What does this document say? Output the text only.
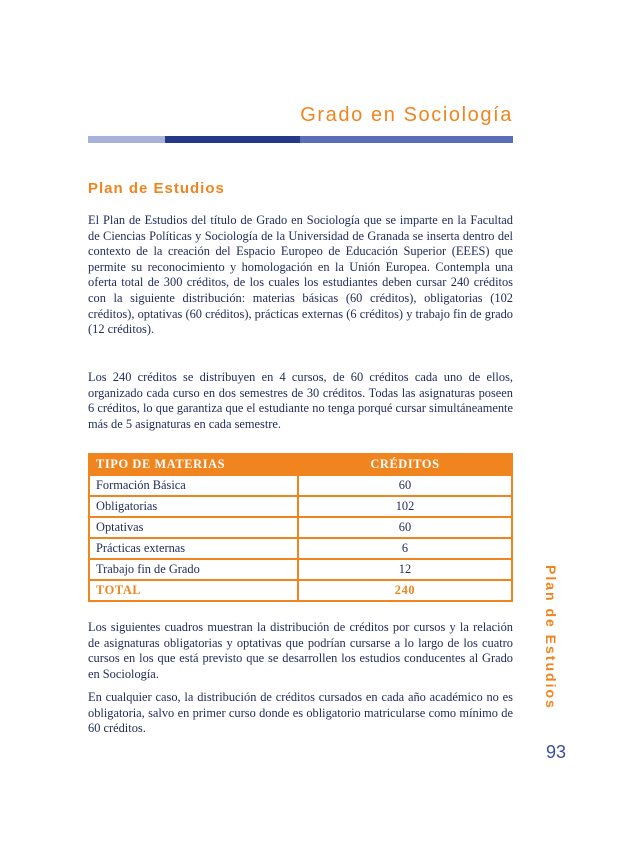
Grado en Sociología
Plan de Estudios

El Plan de Estudios del título de Grado en Sociología que se imparte en la Facultad de Ciencias Políticas y Sociología de la Universidad de Granada se inserta dentro del contexto de la creación del Espacio Europeo de Educación Superior (EEES) que permite su reconocimiento y homologación en la Unión Europea. Contempla una oferta total de 300 créditos, de los cuales los estudiantes deben cursar 240 créditos con la siguiente distribución: materias básicas (60 créditos), obligatorias (102 créditos), optativas (60 créditos), prácticas externas (6 créditos) y trabajo fin de grado (12 créditos).

Los 240 créditos se distribuyen en 4 cursos, de 60 créditos cada uno de ellos, organizado cada curso en dos semestres de 30 créditos. Todas las asignaturas poseen 6 créditos, lo que garantiza que el estudiante no tenga porqué cursar simultáneamente más de 5 asignaturas en cada semestre.

TIPO DE MATERIAS	CRÉDITOS
Formación Básica	60
Obligatorias	102
Optativas	60
Prácticas externas	6
Trabajo fin de Grado	12
TOTAL	240

Los siguientes cuadros muestran la distribución de créditos por cursos y la relación de asignaturas obligatorias y optativas que podrían cursarse a lo largo de los cuatro cursos en los que está previsto que se desarrollen los estudios conducentes al Grado en Sociología.

En cualquier caso, la distribución de créditos cursados en cada año académico no es obligatoria, salvo en primer curso donde es obligatorio matricularse como mínimo de 60 créditos.

Plan de Estudios
93
